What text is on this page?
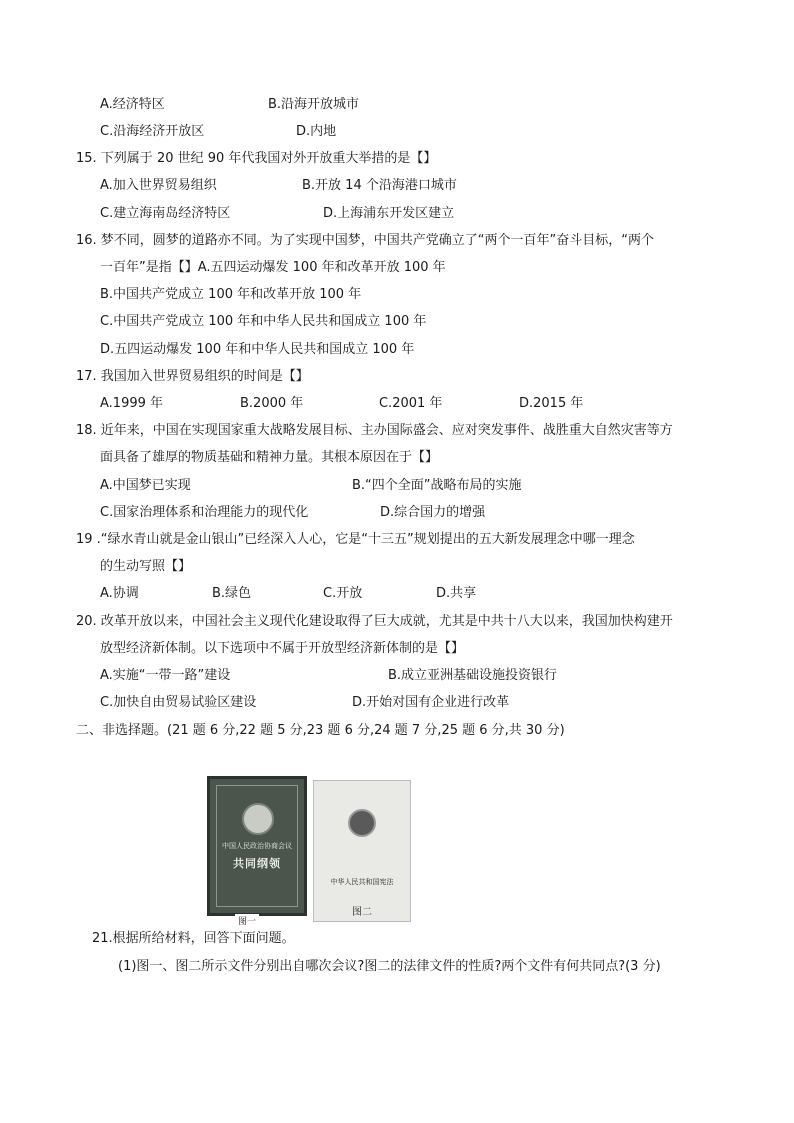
A.经济特区	B.沿海开放城市
C.沿海经济开放区	D.内地
15. 下列属于 20 世纪 90 年代我国对外开放重大举措的是【】
A.加入世界贸易组织	B.开放 14 个沿海港口城市
C.建立海南岛经济特区	D.上海浦东开发区建立
16. 梦不同，圆梦的道路亦不同。为了实现中国梦，中国共产党确立了“两个一百年”奋斗目标，“两个
一百年”是指【】A.五四运动爆发 100 年和改革开放 100 年
B.中国共产党成立 100 年和改革开放 100 年
C.中国共产党成立 100 年和中华人民共和国成立 100 年
D.五四运动爆发 100 年和中华人民共和国成立 100 年
17. 我国加入世界贸易组织的时间是【】
A.1999 年	B.2000 年	C.2001 年	D.2015 年
18. 近年来，中国在实现国家重大战略发展目标、主办国际盛会、应对突发事件、战胜重大自然灾害等方
面具备了雄厚的物质基础和精神力量。其根本原因在于【】
A.中国梦已实现	B.“四个全面”战略布局的实施
C.国家治理体系和治理能力的现代化	D.综合国力的增强
19 .“绿水青山就是金山银山”已经深入人心，它是“十三五”规划提出的五大新发展理念中哪一理念
的生动写照【】
A.协调	B.绿色	C.开放	D.共享
20. 改革开放以来，中国社会主义现代化建设取得了巨大成就，尤其是中共十八大以来，我国加快构建开
放型经济新体制。以下选项中不属于开放型经济新体制的是【】
A.实施“一带一路”建设	B.成立亚洲基础设施投资银行
C.加快自由贸易试验区建设	D.开始对国有企业进行改革
二、非选择题。(21 题 6 分,22 题 5 分,23 题 6 分,24 题 7 分,25 题 6 分,共 30 分)
中国人民政治协商会议
共同纲领
图一
中华人民共和国宪法
图二
21.根据所给材料，回答下面问题。
(1)图一、图二所示文件分别出自哪次会议?图二的法律文件的性质?两个文件有何共同点?(3 分)
